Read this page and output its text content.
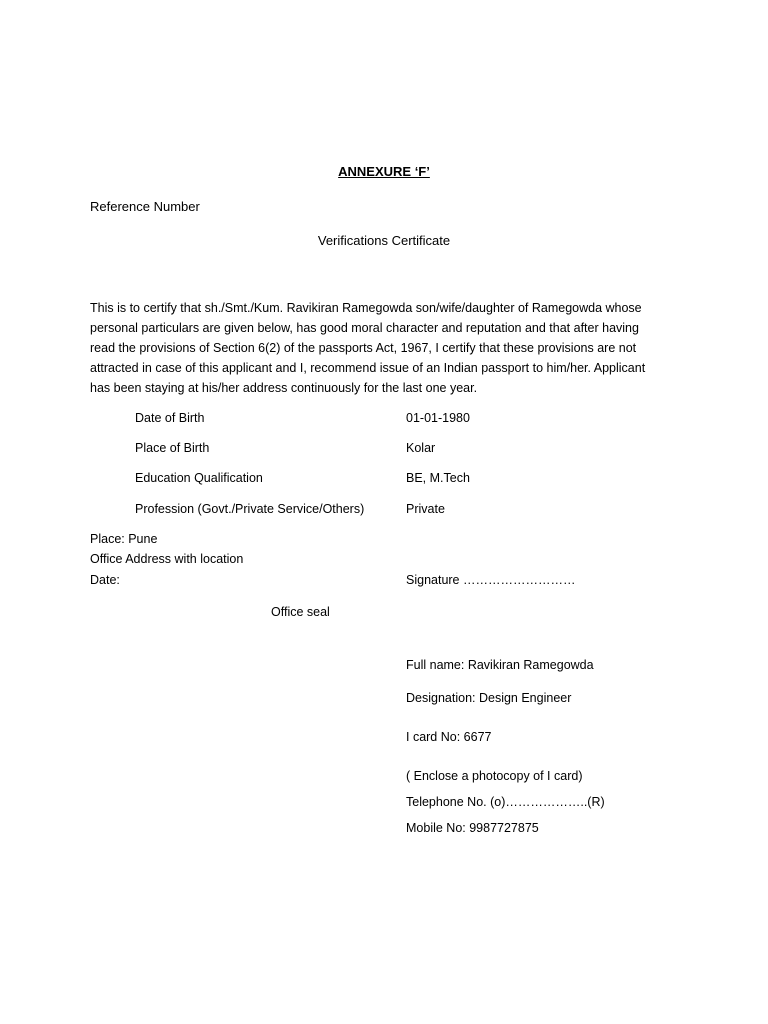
ANNEXURE ‘F’
Reference Number
Verifications Certificate

This is to certify that sh./Smt./Kum. Ravikiran Ramegowda son/wife/daughter of Ramegowda whose

personal particulars are given below, has good moral character and reputation and that after having

read the provisions of Section 6(2) of the passports Act, 1967, I certify that these provisions are not

attracted in case of this applicant and I, recommend issue of an Indian passport to him/her. Applicant

has been staying at his/her address continuously for the last one year.

Date of Birth	01-01-1980
Place of Birth	Kolar
Education Qualification	BE, M.Tech
Profession (Govt./Private Service/Others)	Private
Place: Pune
Office Address with location
Date:	Signature ………………………
Office seal
Full name: Ravikiran Ramegowda
Designation: Design Engineer
I card No: 6677
( Enclose a photocopy of I card)
Telephone No. (o)………………..(R)
Mobile No: 9987727875
